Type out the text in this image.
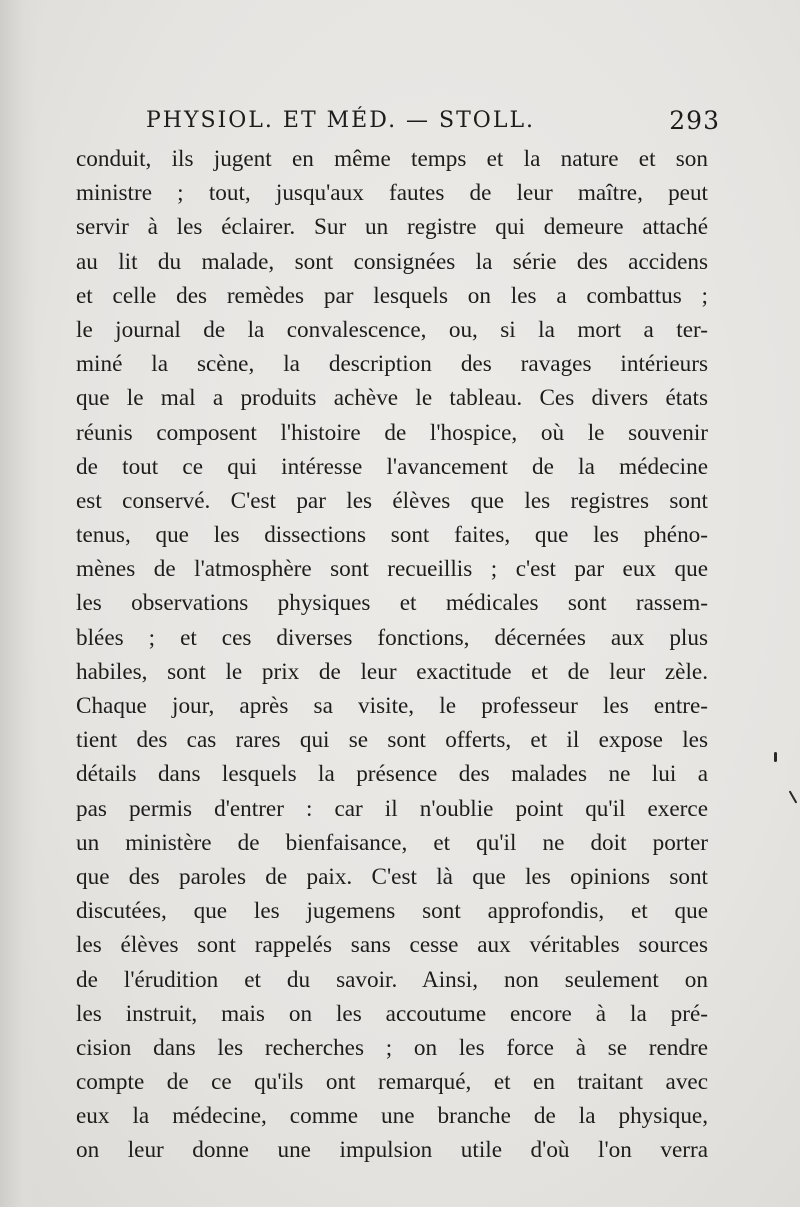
PHYSIOL. ET MÉD. — STOLL.	293
conduit, ils jugent en même temps et la nature et son
ministre ; tout, jusqu'aux fautes de leur maître, peut
servir à les éclairer. Sur un registre qui demeure attaché
au lit du malade, sont consignées la série des accidens
et celle des remèdes par lesquels on les a combattus ;
le journal de la convalescence, ou, si la mort a ter-
miné la scène, la description des ravages intérieurs
que le mal a produits achève le tableau. Ces divers états
réunis composent l'histoire de l'hospice, où le souvenir
de tout ce qui intéresse l'avancement de la médecine
est conservé. C'est par les élèves que les registres sont
tenus, que les dissections sont faites, que les phéno-
mènes de l'atmosphère sont recueillis ; c'est par eux que
les observations physiques et médicales sont rassem-
blées ; et ces diverses fonctions, décernées aux plus
habiles, sont le prix de leur exactitude et de leur zèle.
Chaque jour, après sa visite, le professeur les entre-
tient des cas rares qui se sont offerts, et il expose les
détails dans lesquels la présence des malades ne lui a
pas permis d'entrer : car il n'oublie point qu'il exerce
un ministère de bienfaisance, et qu'il ne doit porter
que des paroles de paix. C'est là que les opinions sont
discutées, que les jugemens sont approfondis, et que
les élèves sont rappelés sans cesse aux véritables sources
de l'érudition et du savoir. Ainsi, non seulement on
les instruit, mais on les accoutume encore à la pré-
cision dans les recherches ; on les force à se rendre
compte de ce qu'ils ont remarqué, et en traitant avec
eux la médecine, comme une branche de la physique,
on leur donne une impulsion utile d'où l'on verra
